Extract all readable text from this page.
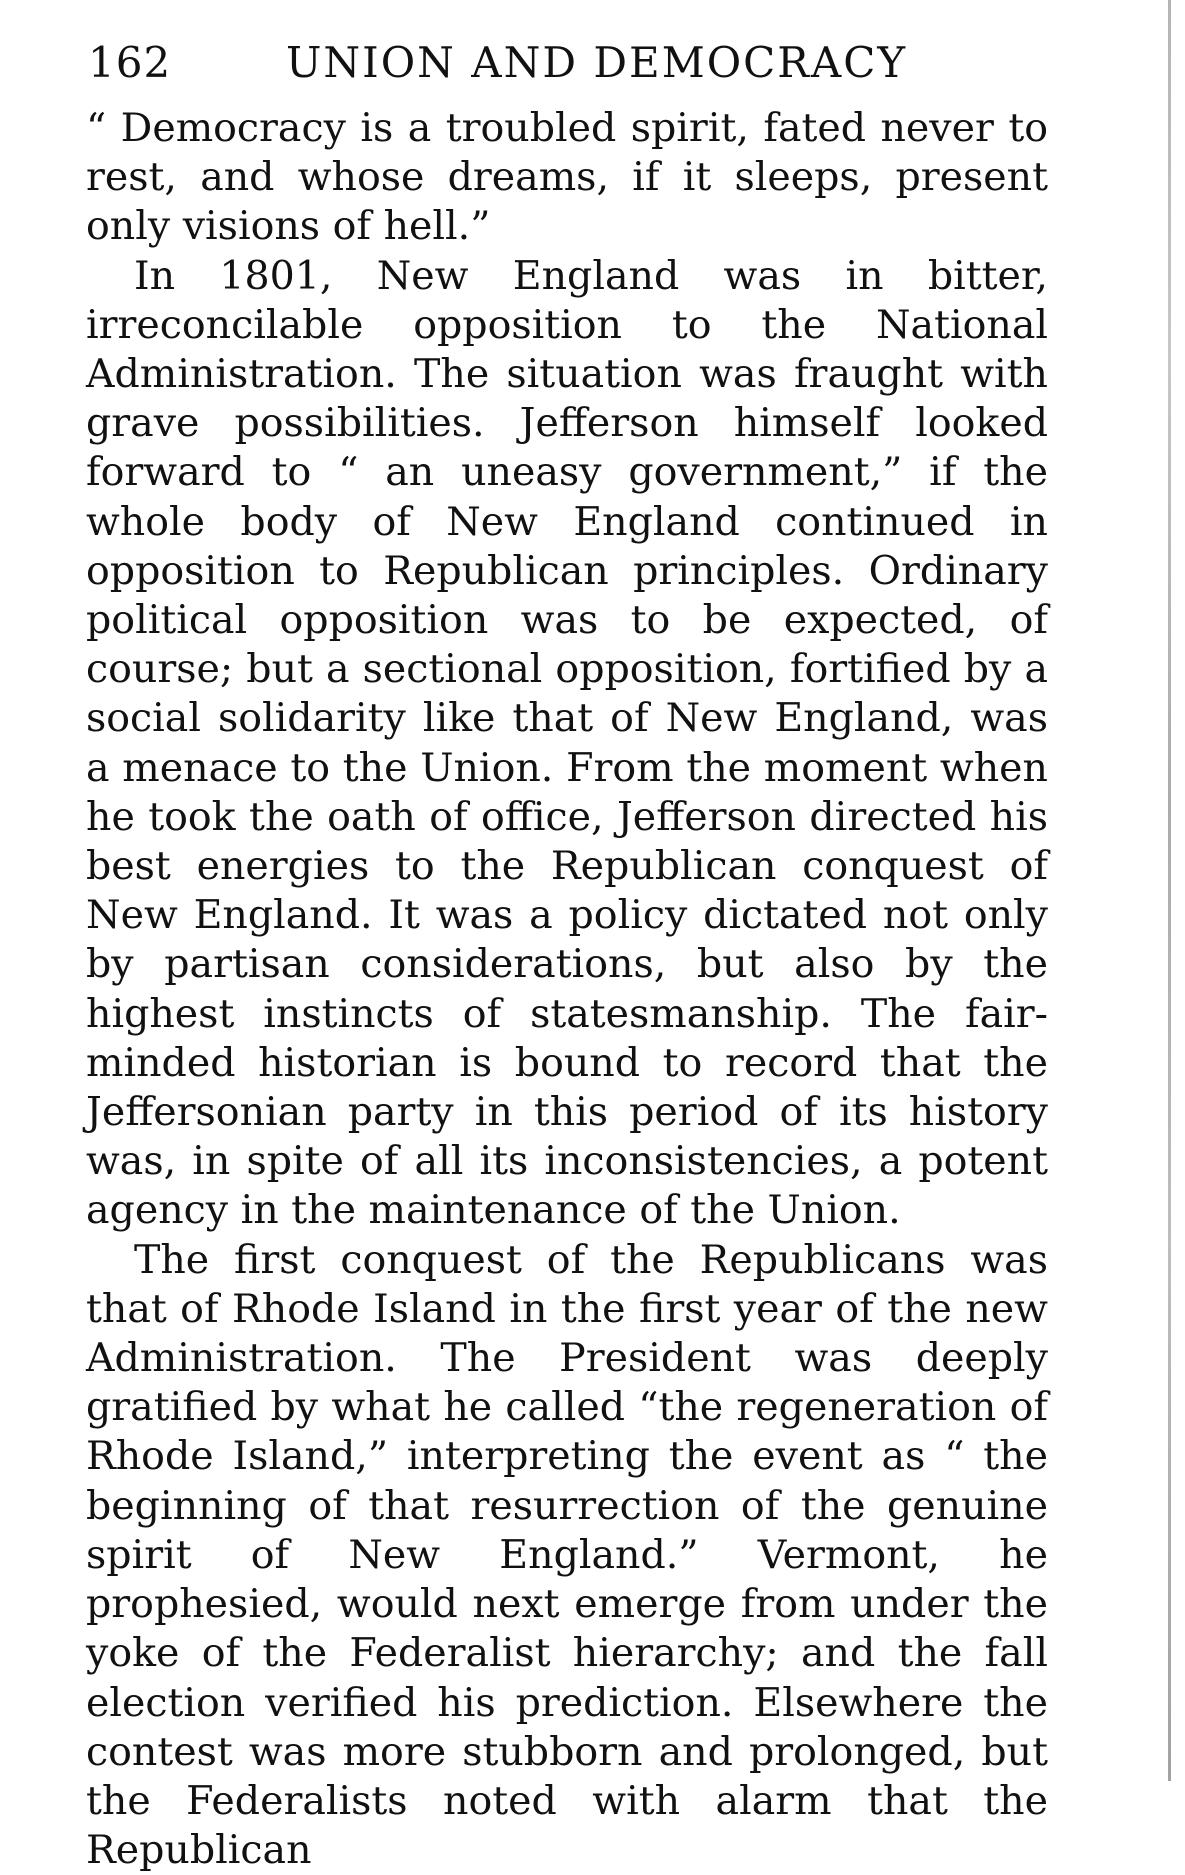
162	UNION AND DEMOCRACY

“ Democracy is a troubled spirit, fated never to rest, and whose dreams, if it sleeps, present only visions of hell.”

In 1801, New England was in bitter, irreconcilable opposition to the National Administration. The situation was fraught with grave possibilities. Jefferson himself looked forward to “ an uneasy government,” if the whole body of New England continued in opposition to Republican principles. Ordinary political opposition was to be expected, of course; but a sectional opposition, fortified by a social solidarity like that of New England, was a menace to the Union. From the moment when he took the oath of office, Jefferson directed his best energies to the Republican conquest of New England. It was a policy dictated not only by partisan considerations, but also by the highest instincts of statesmanship. The fair-minded historian is bound to record that the Jeffersonian party in this period of its history was, in spite of all its inconsistencies, a potent agency in the maintenance of the Union.

The first conquest of the Republicans was that of Rhode Island in the first year of the new Administration. The President was deeply gratified by what he called “the regeneration of Rhode Island,” interpreting the event as “ the beginning of that resurrection of the genuine spirit of New England.” Vermont, he prophesied, would next emerge from under the yoke of the Federalist hierarchy; and the fall election verified his prediction. Elsewhere the contest was more stubborn and prolonged, but the Federalists noted with alarm that the Republican
